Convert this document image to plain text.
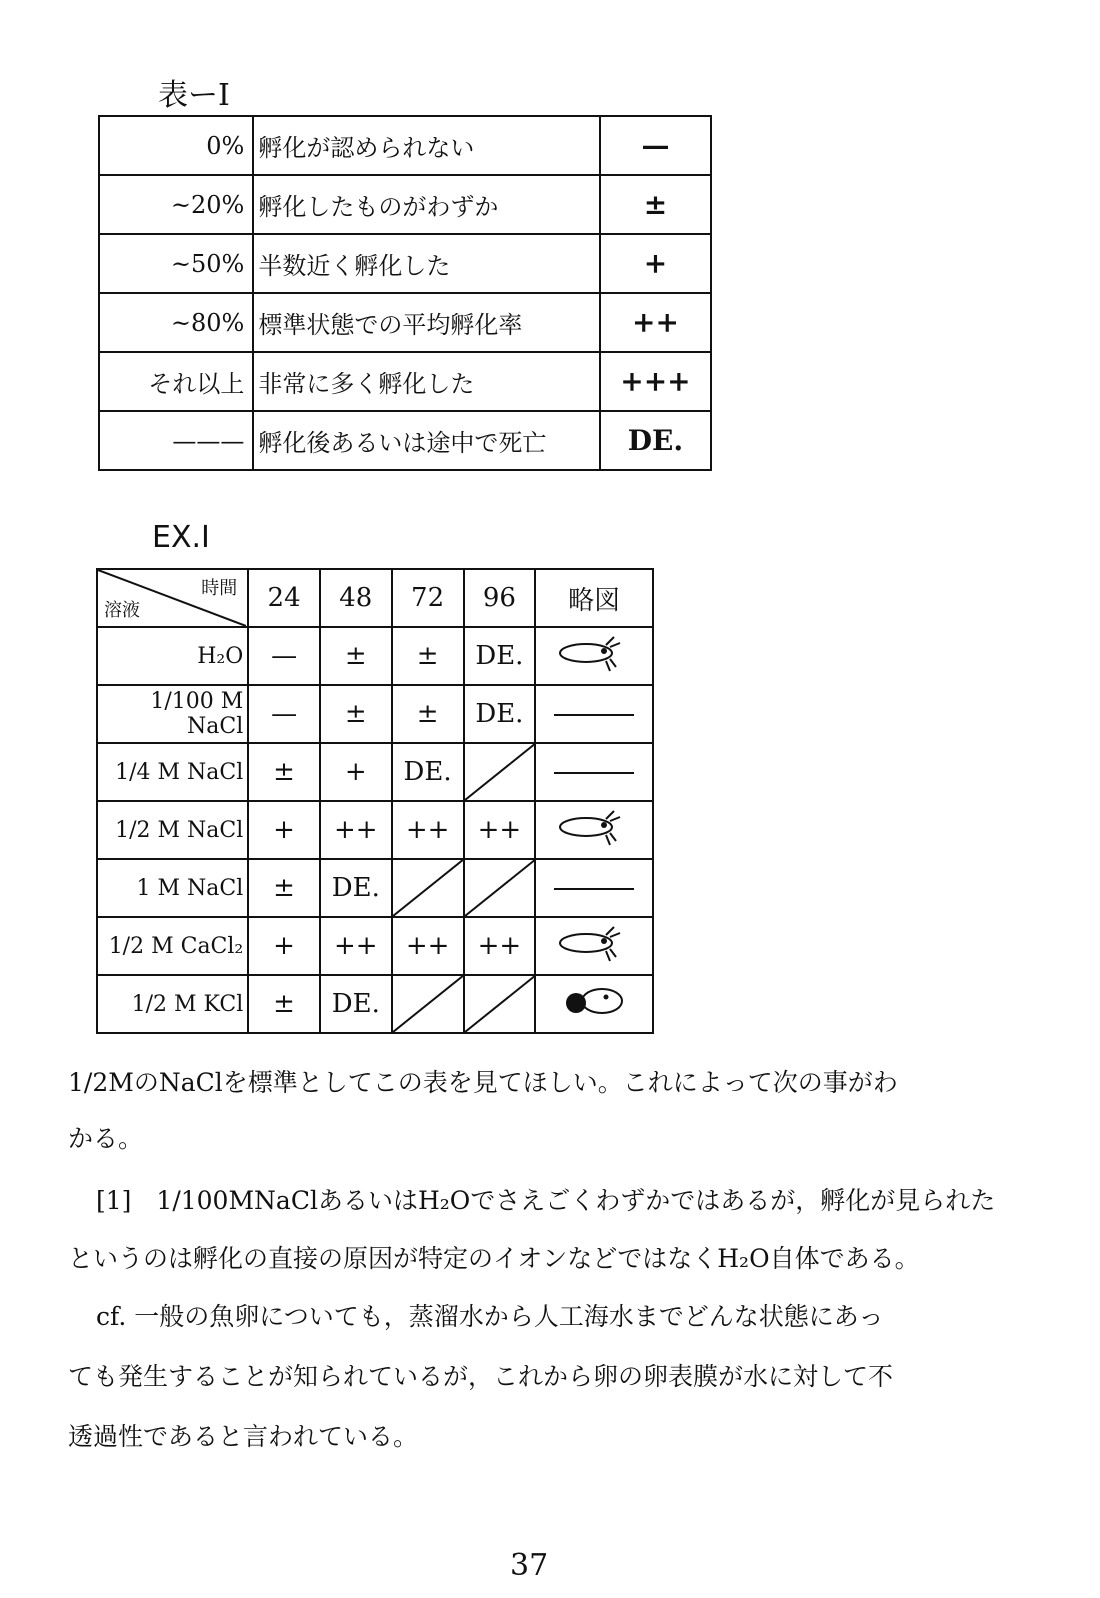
表ーI
0%	孵化が認められない	—
~20%	孵化したものがわずか	±
~50%	半数近く孵化した	+
~80%	標準状態での平均孵化率	++
それ以上	非常に多く孵化した	+++
———	孵化後あるいは途中で死亡	DE.
EX.I
時間
溶液	24	48	72	96	略図
H₂O	—	±	±	DE.	
1/100 M NaCl	—	±	±	DE.	
1/4 M NaCl	±	+	DE.	

1/2 M NaCl	+	++	++	++	
1 M NaCl	±	DE.	

1/2 M CaCl₂	+	++	++	++	
1/2 M KCl	±	DE.	

1/2MのNaClを標準としてこの表を見てほしい。これによって次の事がわ
かる。
[1]　1/100MNaClあるいはH₂Oでさえごくわずかではあるが，孵化が見られた
というのは孵化の直接の原因が特定のイオンなどではなくH₂O自体である。
cf. 一般の魚卵についても，蒸溜水から人工海水までどんな状態にあっ
ても発生することが知られているが，これから卵の卵表膜が水に対して不
透過性であると言われている。
37
